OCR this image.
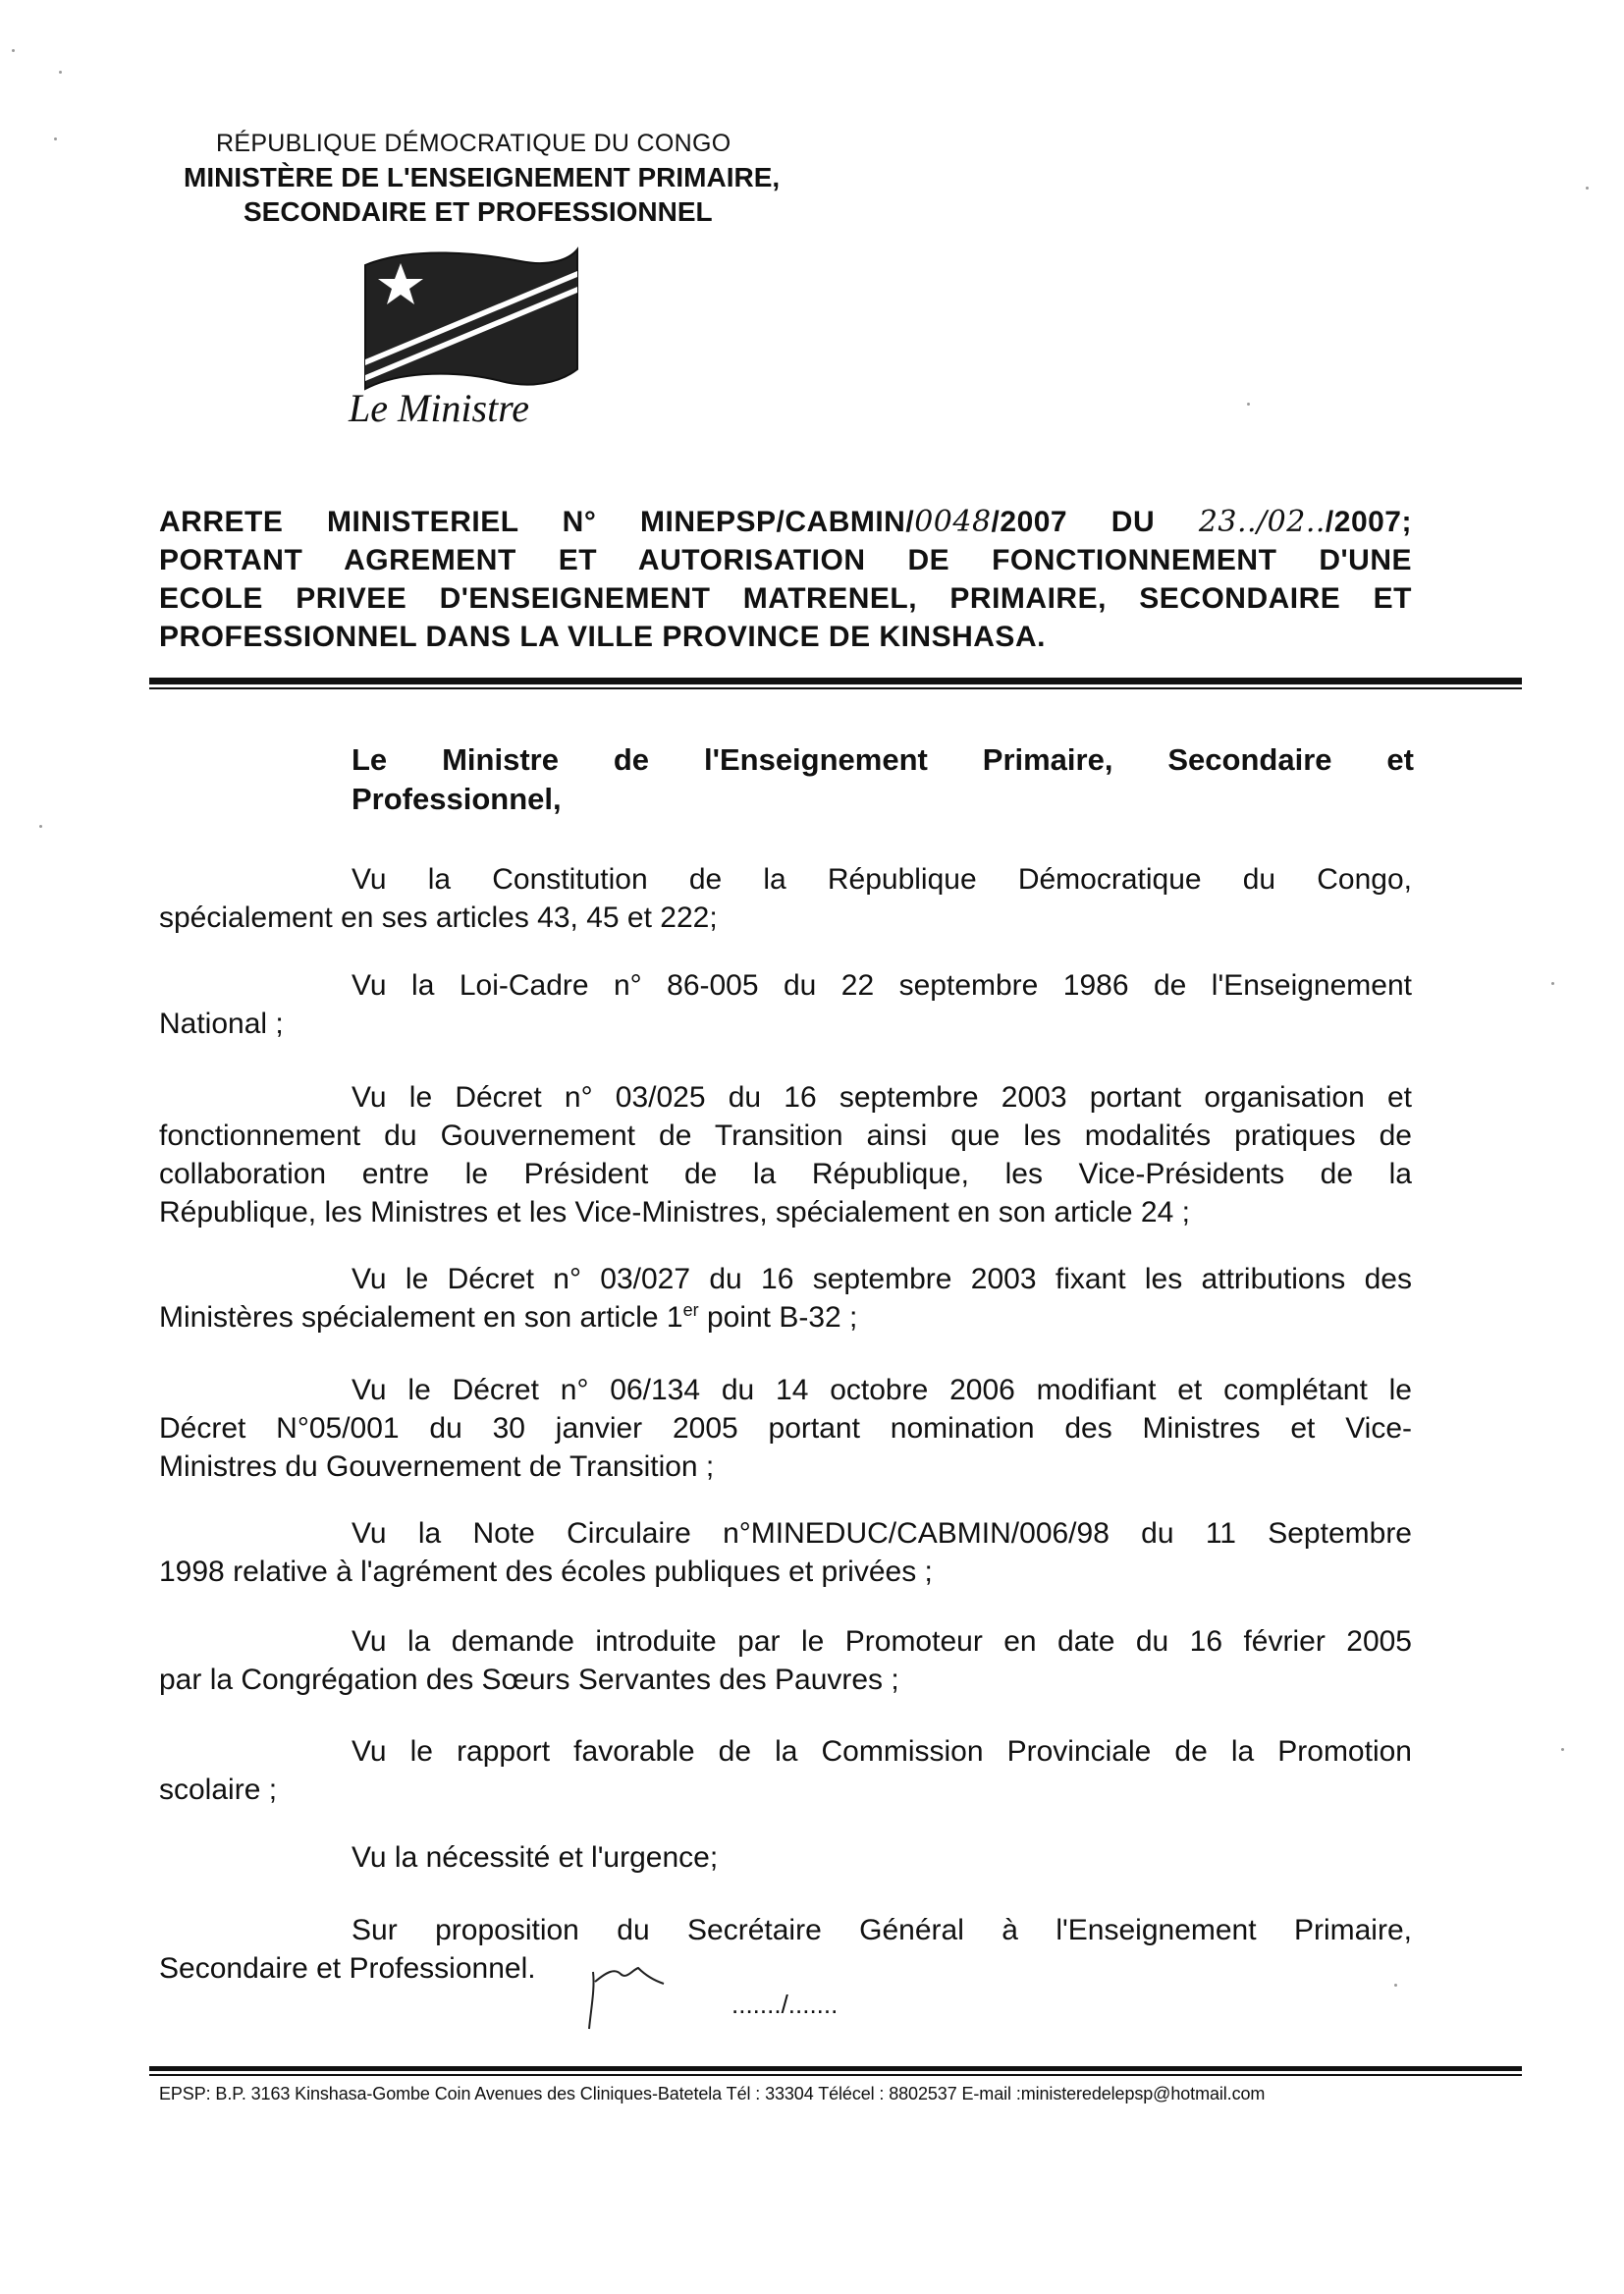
RÉPUBLIQUE DÉMOCRATIQUE DU CONGO
MINISTÈRE DE L'ENSEIGNEMENT PRIMAIRE,
SECONDAIRE ET PROFESSIONNEL
Le Ministre
ARRETE MINISTERIEL N° MINEPSP/CABMIN/0048/2007 DU 23../02../2007;
PORTANT AGREMENT ET AUTORISATION DE FONCTIONNEMENT D'UNE
ECOLE PRIVEE D'ENSEIGNEMENT MATRENEL, PRIMAIRE, SECONDAIRE ET
PROFESSIONNEL DANS LA VILLE PROVINCE DE KINSHASA.
Le Ministre de l'Enseignement Primaire, Secondaire et
Professionnel,
Vu la Constitution de la République Démocratique du Congo,
spécialement en ses articles 43, 45 et 222;
Vu la Loi-Cadre n° 86-005 du 22 septembre 1986 de l'Enseignement
National ;
Vu le Décret n° 03/025 du 16 septembre 2003 portant organisation et
fonctionnement du Gouvernement de Transition ainsi que les modalités pratiques de
collaboration entre le Président de la République, les Vice-Présidents de la
République, les Ministres et les Vice-Ministres, spécialement en son article 24 ;
Vu le Décret n° 03/027 du 16 septembre 2003 fixant les attributions des
Ministères spécialement en son article 1er point B-32 ;
Vu le Décret n° 06/134 du 14 octobre 2006 modifiant et complétant le
Décret N°05/001 du 30 janvier 2005 portant nomination des Ministres et Vice-
Ministres du Gouvernement de Transition ;
Vu la Note Circulaire n°MINEDUC/CABMIN/006/98 du 11 Septembre
1998 relative à l'agrément des écoles publiques et privées ;
Vu la demande introduite par le Promoteur en date du 16 février 2005
par la Congrégation des Sœurs Servantes des Pauvres ;
Vu le rapport favorable de la Commission Provinciale de la Promotion
scolaire ;
Vu la nécessité et l'urgence;
Sur proposition du Secrétaire Général à l'Enseignement Primaire,
Secondaire et Professionnel.
......./.......
EPSP: B.P. 3163 Kinshasa-Gombe Coin Avenues des Cliniques-Batetela Tél : 33304 Télécel : 8802537 E-mail :ministeredelepsp@hotmail.com
